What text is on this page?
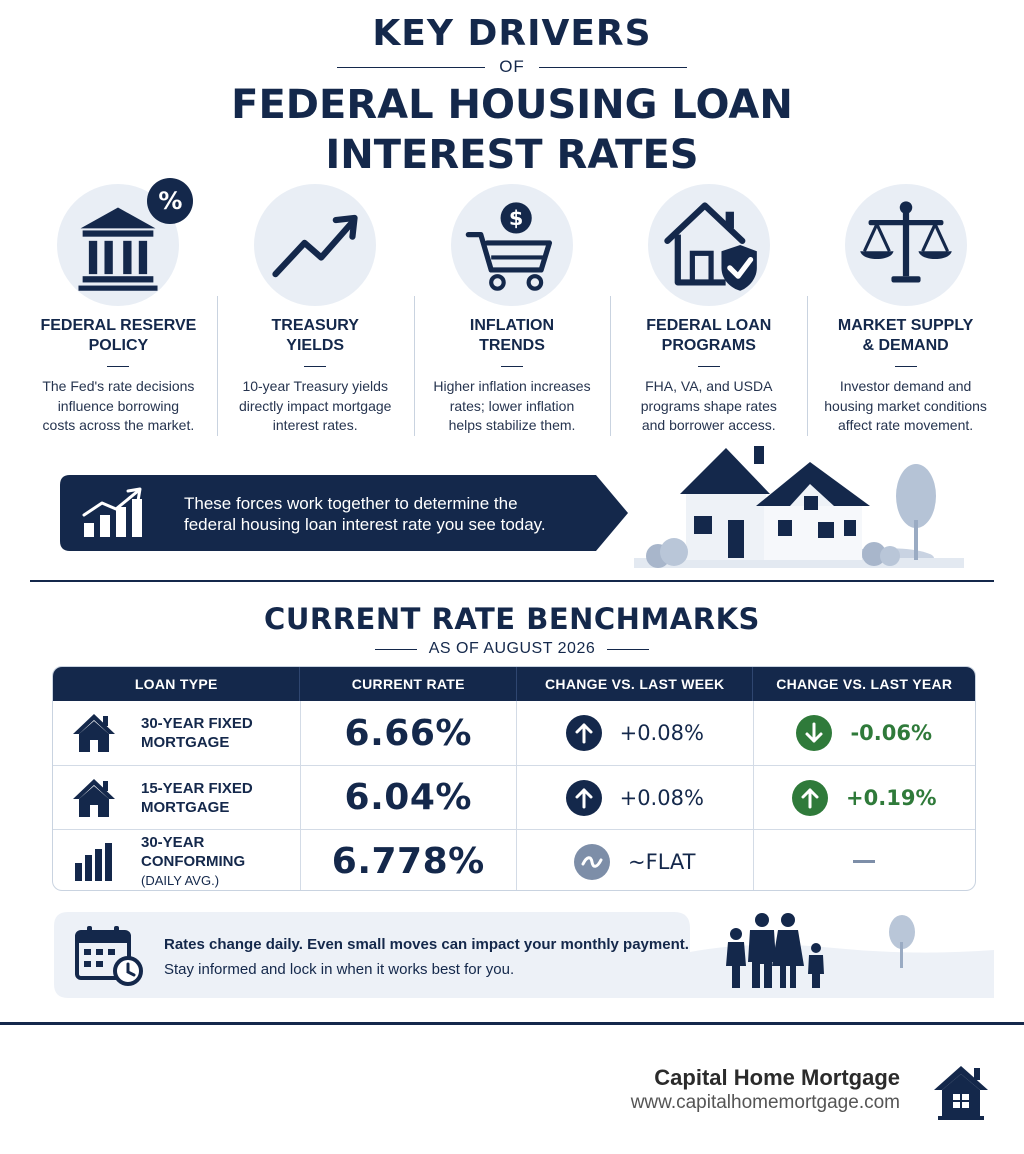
KEY DRIVERS
OF
FEDERAL HOUSING LOAN
INTEREST RATES
%
FEDERAL RESERVE
POLICY
The Fed's rate decisions
influence borrowing
costs across the market.
TREASURY
YIELDS
10-year Treasury yields
directly impact mortgage
interest rates.
$
INFLATION
TRENDS
Higher inflation increases
rates; lower inflation
helps stabilize them.
FEDERAL LOAN
PROGRAMS
FHA, VA, and USDA
programs shape rates
and borrower access.
MARKET SUPPLY
& DEMAND
Investor demand and
housing market conditions
affect rate movement.
These forces work together to determine the
federal housing loan interest rate you see today.
CURRENT RATE BENCHMARKS
AS OF AUGUST 2026
LOAN TYPE	CURRENT RATE	CHANGE VS. LAST WEEK	CHANGE VS. LAST YEAR
30-YEAR FIXED
MORTGAGE	6.66%	+0.08%	-0.06%
15-YEAR FIXED
MORTGAGE	6.04%	+0.08%	+0.19%
30-YEAR CONFORMING
(DAILY AVG.)	6.778%	~FLAT
Rates change daily. Even small moves can impact your monthly payment.
Stay informed and lock in when it works best for you.
Capital Home Mortgage
www.capitalhomemortgage.com
